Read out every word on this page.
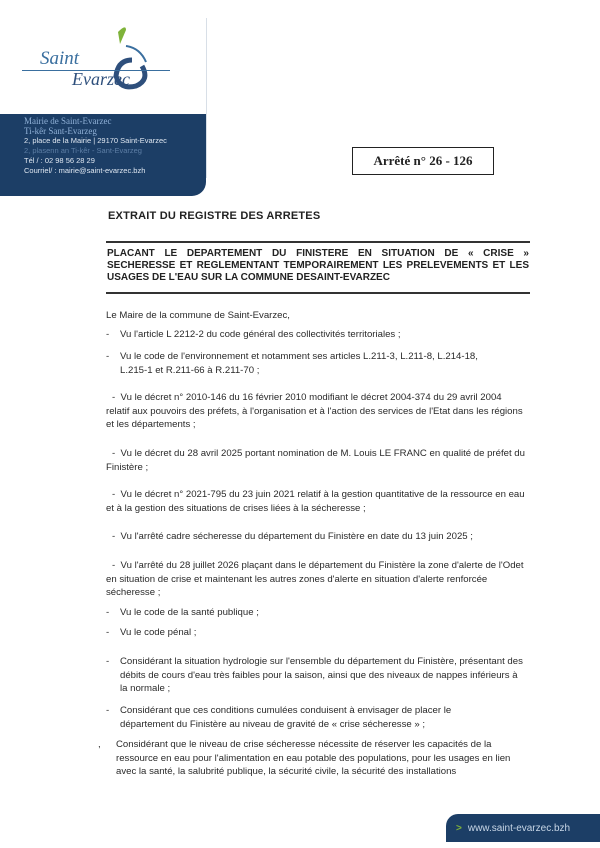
Saint
Evarzec
Mairie de Saint-Evarzec
Ti-kêr Sant-Evarzeg
2, place de la Mairie | 29170 Saint-Evarzec
2, plasenn an Ti-kêr - Sant-Evarzeg
Tél / : 02 98 56 28 29
Courriel/ : mairie@saint-evarzec.bzh
Arrêté n° 26 - 126
EXTRAIT DU REGISTRE DES ARRETES
PLACANT LE DEPARTEMENT DU FINISTERE EN SITUATION DE « CRISE » SECHERESSE ET REGLEMENTANT TEMPORAIREMENT LES PRELEVEMENTS ET LES USAGES DE L'EAU SUR LA COMMUNE DESAINT-EVARZEC
Le Maire de la commune de Saint-Evarzec,
- Vu l'article L 2212-2 du code général des collectivités territoriales ;
- Vu le code de l'environnement et notamment ses articles L.211-3, L.211-8, L.214-18, L.215-1 et R.211-66 à R.211-70 ;
- Vu le décret n° 2010-146 du 16 février 2010 modifiant le décret 2004-374 du 29 avril 2004 relatif aux pouvoirs des préfets, à l'organisation et à l'action des services de l'Etat dans les régions et les départements ;
- Vu le décret du 28 avril 2025 portant nomination de M. Louis LE FRANC en qualité de préfet du Finistère ;
- Vu le décret n° 2021-795 du 23 juin 2021 relatif à la gestion quantitative de la ressource en eau et à la gestion des situations de crises liées à la sécheresse ;
- Vu l'arrêté cadre sécheresse du département du Finistère en date du 13 juin 2025 ;
- Vu l'arrêté du 28 juillet 2026 plaçant dans le département du Finistère la zone d'alerte de l'Odet en situation de crise et maintenant les autres zones d'alerte en situation d'alerte renforcée sécheresse ;
- Vu le code de la santé publique ;
- Vu le code pénal ;
- Considérant la situation hydrologie sur l'ensemble du département du Finistère, présentant des débits de cours d'eau très faibles pour la saison, ainsi que des niveaux de nappes inférieurs à la normale ;
- Considérant que ces conditions cumulées conduisent à envisager de placer le département du Finistère au niveau de gravité de « crise sécheresse » ;
, Considérant que le niveau de crise sécheresse nécessite de réserver les capacités de la ressource en eau pour l'alimentation en eau potable des populations, pour les usages en lien avec la santé, la salubrité publique, la sécurité civile, la sécurité des installations
> www.saint-evarzec.bzh
